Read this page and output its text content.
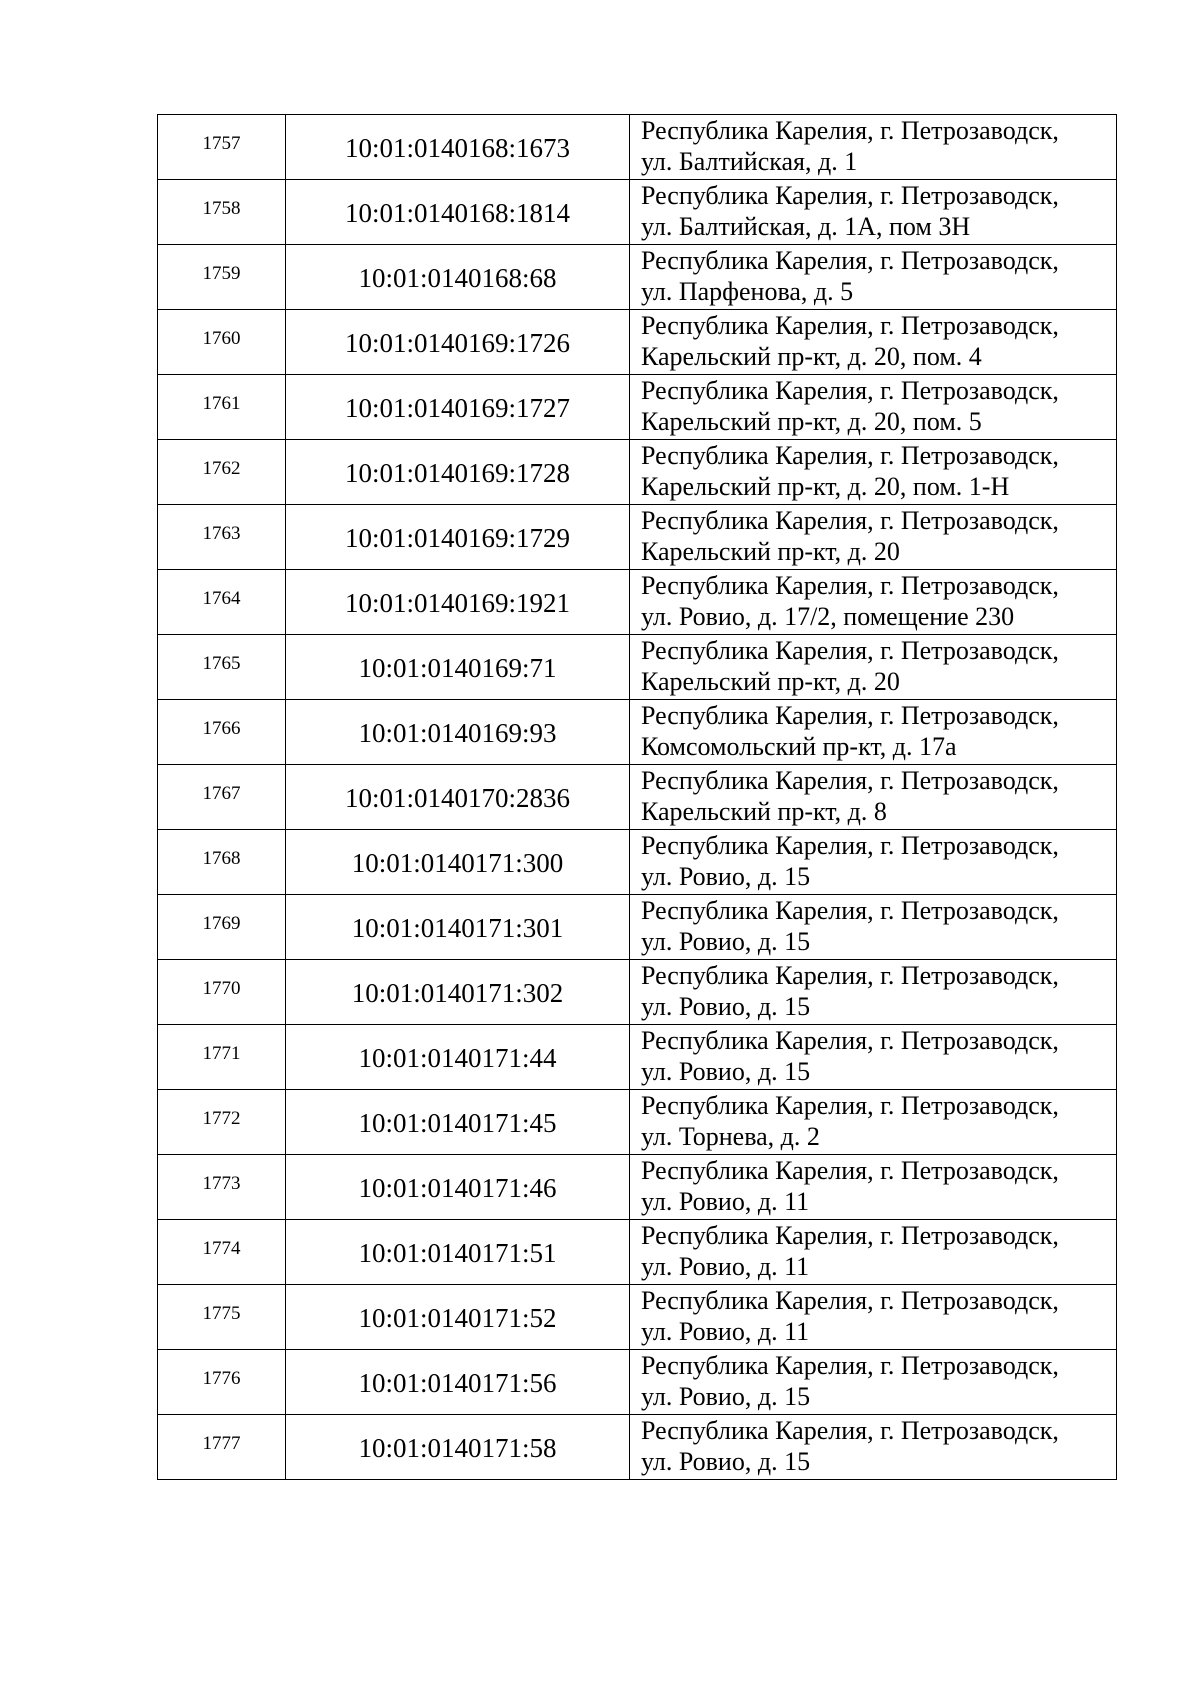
1757	10:01:0140168:1673	Республика Карелия, г. Петрозаводск,
ул. Балтийская, д. 1

1758	10:01:0140168:1814	Республика Карелия, г. Петрозаводск,
ул. Балтийская, д. 1А, пом 3Н

1759	10:01:0140168:68	Республика Карелия, г. Петрозаводск,
ул. Парфенова, д. 5

1760	10:01:0140169:1726	Республика Карелия, г. Петрозаводск,
Карельский пр-кт, д. 20, пом. 4

1761	10:01:0140169:1727	Республика Карелия, г. Петрозаводск,
Карельский пр-кт, д. 20, пом. 5

1762	10:01:0140169:1728	Республика Карелия, г. Петрозаводск,
Карельский пр-кт, д. 20, пом. 1-Н

1763	10:01:0140169:1729	Республика Карелия, г. Петрозаводск,
Карельский пр-кт, д. 20

1764	10:01:0140169:1921	Республика Карелия, г. Петрозаводск,
ул. Ровио, д. 17/2, помещение 230

1765	10:01:0140169:71	Республика Карелия, г. Петрозаводск,
Карельский пр-кт, д. 20

1766	10:01:0140169:93	Республика Карелия, г. Петрозаводск,
Комсомольский пр-кт, д. 17а

1767	10:01:0140170:2836	Республика Карелия, г. Петрозаводск,
Карельский пр-кт, д. 8

1768	10:01:0140171:300	Республика Карелия, г. Петрозаводск,
ул. Ровио, д. 15

1769	10:01:0140171:301	Республика Карелия, г. Петрозаводск,
ул. Ровио, д. 15

1770	10:01:0140171:302	Республика Карелия, г. Петрозаводск,
ул. Ровио, д. 15

1771	10:01:0140171:44	Республика Карелия, г. Петрозаводск,
ул. Ровио, д. 15

1772	10:01:0140171:45	Республика Карелия, г. Петрозаводск,
ул. Торнева, д. 2

1773	10:01:0140171:46	Республика Карелия, г. Петрозаводск,
ул. Ровио, д. 11

1774	10:01:0140171:51	Республика Карелия, г. Петрозаводск,
ул. Ровио, д. 11

1775	10:01:0140171:52	Республика Карелия, г. Петрозаводск,
ул. Ровио, д. 11

1776	10:01:0140171:56	Республика Карелия, г. Петрозаводск,
ул. Ровио, д. 15

1777	10:01:0140171:58	Республика Карелия, г. Петрозаводск,
ул. Ровио, д. 15
